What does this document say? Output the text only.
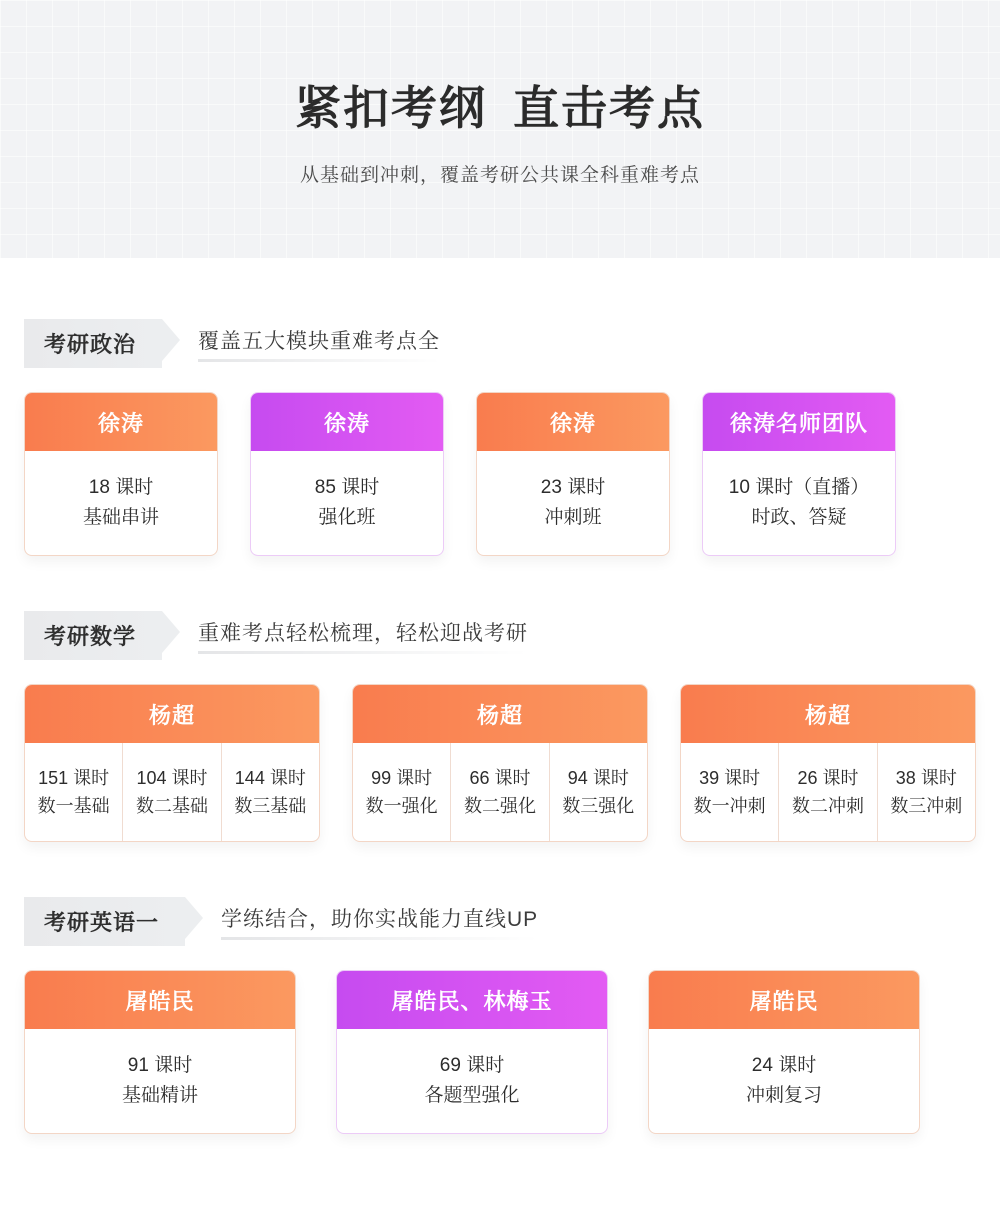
紧扣考纲 直击考点
从基础到冲刺，覆盖考研公共课全科重难考点
考研政治	覆盖五大模块重难考点全
徐涛
18 课时
基础串讲
徐涛
85 课时
强化班
徐涛
23 课时
冲刺班
徐涛名师团队
10 课时（直播）
时政、答疑
考研数学	重难考点轻松梳理，轻松迎战考研
杨超
151 课时
数一基础
104 课时
数二基础
144 课时
数三基础
杨超
99 课时
数一强化
66 课时
数二强化
94 课时
数三强化
杨超
39 课时
数一冲刺
26 课时
数二冲刺
38 课时
数三冲刺
考研英语一	学练结合，助你实战能力直线UP
屠皓民
91 课时
基础精讲
屠皓民、林梅玉
69 课时
各题型强化
屠皓民
24 课时
冲刺复习
